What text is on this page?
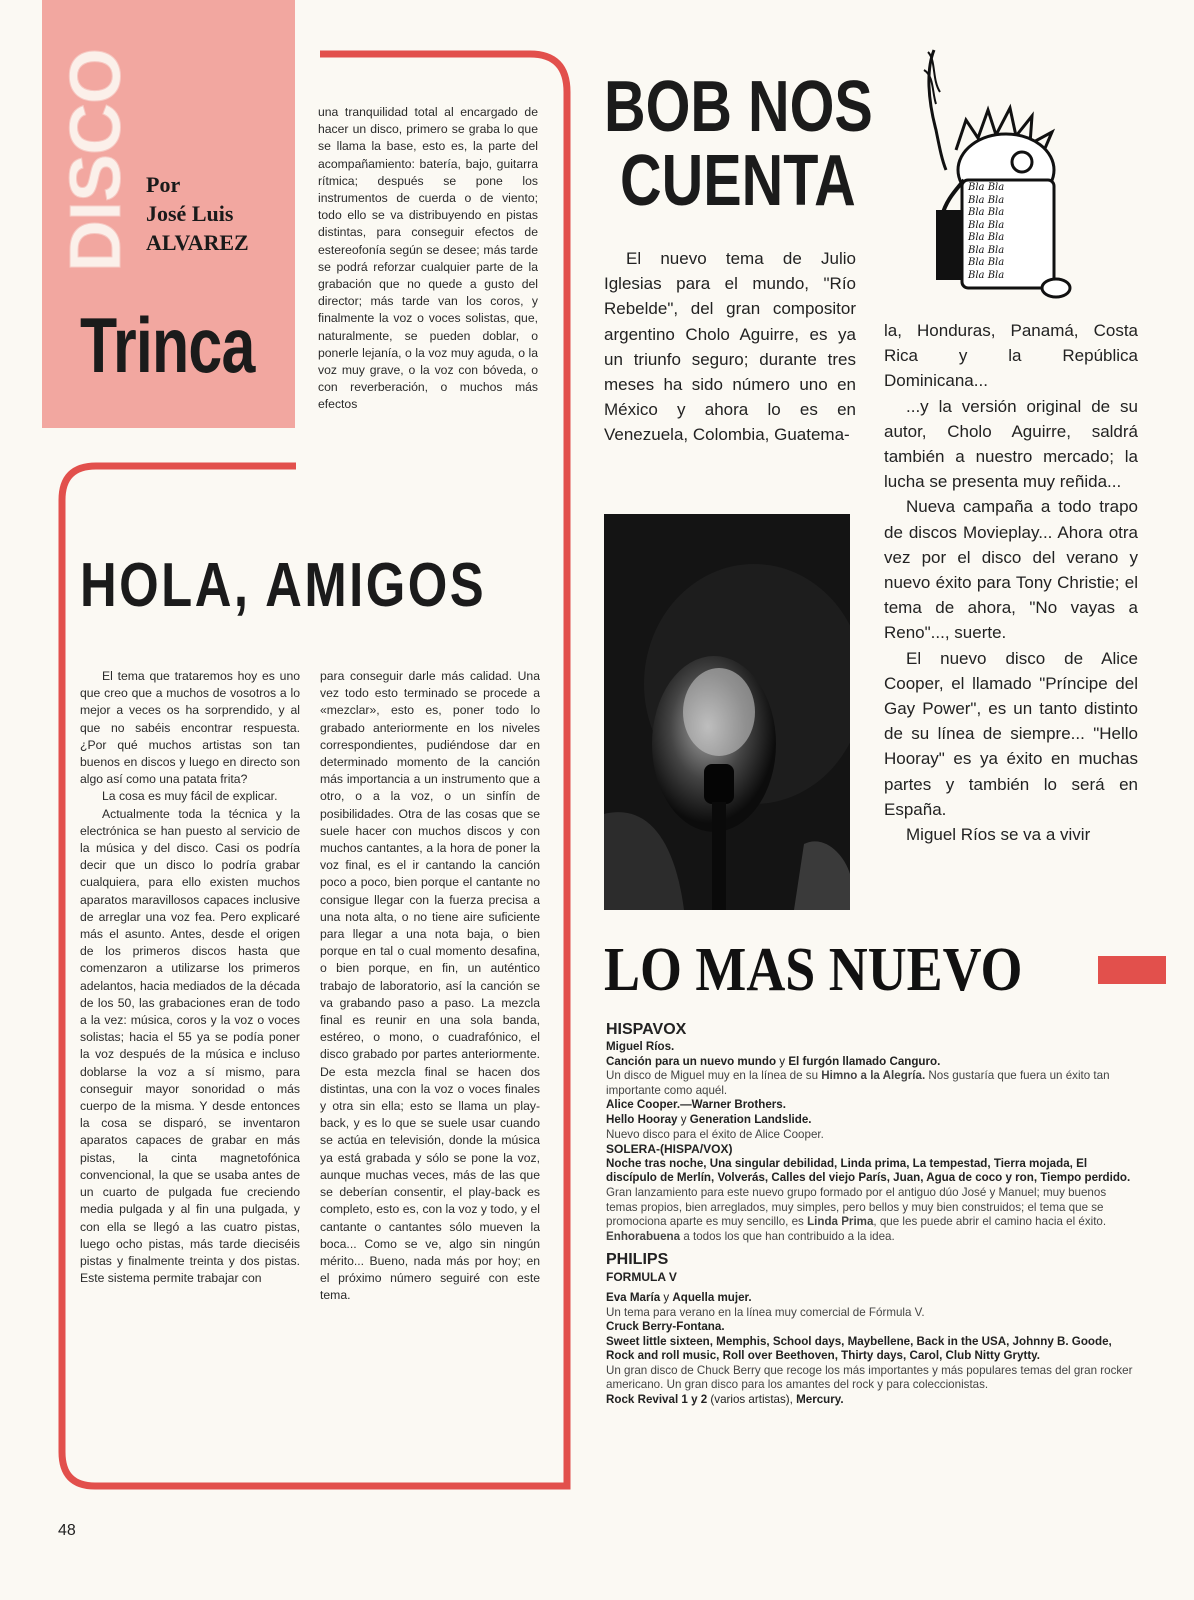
DISCO Por
José Luis
ALVAREZ
Trinca

una tranquilidad total al encargado de hacer un disco, primero se graba lo que se llama la base, esto es, la parte del acompañamiento: batería, bajo, guitarra rítmica; después se pone los instrumentos de cuerda o de viento; todo ello se va distribuyendo en pistas distintas, para conseguir efectos de estereofonía según se desee; más tarde se podrá reforzar cualquier parte de la grabación que no quede a gusto del director; más tarde van los coros, y finalmente la voz o voces solistas, que, naturalmente, se pueden doblar, o ponerle lejanía, o la voz muy aguda, o la voz muy grave, o la voz con bóveda, o con reverberación, o muchos más efectos

HOLA, AMIGOS

El tema que trataremos hoy es uno que creo que a muchos de vosotros a lo mejor a veces os ha sorprendido, y al que no sabéis encontrar respuesta. ¿Por qué muchos artistas son tan buenos en discos y luego en directo son algo así como una patata frita?

La cosa es muy fácil de explicar.

Actualmente toda la técnica y la electrónica se han puesto al servicio de la música y del disco. Casi os podría decir que un disco lo podría grabar cualquiera, para ello existen muchos aparatos maravillosos capaces inclusive de arreglar una voz fea. Pero explicaré más el asunto. Antes, desde el origen de los primeros discos hasta que comenzaron a utilizarse los primeros adelantos, hacia mediados de la década de los 50, las grabaciones eran de todo a la vez: música, coros y la voz o voces solistas; hacia el 55 ya se podía poner la voz después de la música e incluso doblarse la voz a sí mismo, para conseguir mayor sonoridad o más cuerpo de la misma. Y desde entonces la cosa se disparó, se inventaron aparatos capaces de grabar en más pistas, la cinta magnetofónica convencional, la que se usaba antes de un cuarto de pulgada fue creciendo media pulgada y al fin una pulgada, y con ella se llegó a las cuatro pistas, luego ocho pistas, más tarde dieciséis pistas y finalmente treinta y dos pistas. Este sistema permite trabajar con

para conseguir darle más calidad. Una vez todo esto terminado se procede a «mezclar», esto es, poner todo lo grabado anteriormente en los niveles correspondientes, pudiéndose dar en determinado momento de la canción más importancia a un instrumento que a otro, o a la voz, o un sinfín de posibilidades. Otra de las cosas que se suele hacer con muchos discos y con muchos cantantes, a la hora de poner la voz final, es el ir cantando la canción poco a poco, bien porque el cantante no consigue llegar con la fuerza precisa a una nota alta, o no tiene aire suficiente para llegar a una nota baja, o bien porque en tal o cual momento desafina, o bien porque, en fin, un auténtico trabajo de laboratorio, así la canción se va grabando paso a paso. La mezcla final es reunir en una sola banda, estéreo, o mono, o cuadrafónico, el disco grabado por partes anteriormente. De esta mezcla final se hacen dos distintas, una con la voz o voces finales y otra sin ella; esto se llama un play-back, y es lo que se suele usar cuando se actúa en televisión, donde la música ya está grabada y sólo se pone la voz, aunque muchas veces, más de las que se deberían consentir, el play-back es completo, esto es, con la voz y todo, y el cantante o cantantes sólo mueven la boca... Como se ve, algo sin ningún mérito... Bueno, nada más por hoy; en el próximo número seguiré con este tema.

BOB NOS
CUENTA	Bla Bla
Bla Bla
Bla Bla
Bla Bla
Bla Bla
Bla Bla
Bla Bla
Bla Bla

El nuevo tema de Julio Iglesias para el mundo, "Río Rebelde", del gran compositor argentino Cholo Aguirre, es ya un triunfo seguro; durante tres meses ha sido número uno en México y ahora lo es en Venezuela, Colombia, Guatema-

la, Honduras, Panamá, Costa Rica y la República Dominicana...

...y la versión original de su autor, Cholo Aguirre, saldrá también a nuestro mercado; la lucha se presenta muy reñida...

Nueva campaña a todo trapo de discos Movieplay... Ahora otra vez por el disco del verano y nuevo éxito para Tony Christie; el tema de ahora, "No vayas a Reno"..., suerte.

El nuevo disco de Alice Cooper, el llamado "Príncipe del Gay Power", es un tanto distinto de su línea de siempre... "Hello Hooray" es ya éxito en muchas partes y también lo será en España.

Miguel Ríos se va a vivir

LO MAS NUEVO
HISPAVOX
Miguel Ríos.
Canción para un nuevo mundo y El furgón llamado Canguro.
Un disco de Miguel muy en la línea de su Himno a la Alegría. Nos gustaría que fuera un éxito tan importante como aquél.
Alice Cooper.—Warner Brothers.
Hello Hooray y Generation Landslide.
Nuevo disco para el éxito de Alice Cooper.
SOLERA-(HISPA/VOX)
Noche tras noche, Una singular debilidad, Linda prima, La tempestad, Tierra mojada, El discípulo de Merlín, Volverás, Calles del viejo París, Juan, Agua de coco y ron, Tiempo perdido.
Gran lanzamiento para este nuevo grupo formado por el antiguo dúo José y Manuel; muy buenos temas propios, bien arreglados, muy simples, pero bellos y muy bien construidos; el tema que se promociona aparte es muy sencillo, es Linda Prima, que les puede abrir el camino hacia el éxito. Enhorabuena a todos los que han contribuido a la idea.
PHILIPS
FORMULA V
Eva María y Aquella mujer.
Un tema para verano en la línea muy comercial de Fórmula V.
Cruck Berry-Fontana.
Sweet little sixteen, Memphis, School days, Maybellene, Back in the USA, Johnny B. Goode, Rock and roll music, Roll over Beethoven, Thirty days, Carol, Club Nitty Grytty.
Un gran disco de Chuck Berry que recoge los más importantes y más populares temas del gran rocker americano. Un gran disco para los amantes del rock y para coleccionistas.
Rock Revival 1 y 2 (varios artistas), Mercury.
48
